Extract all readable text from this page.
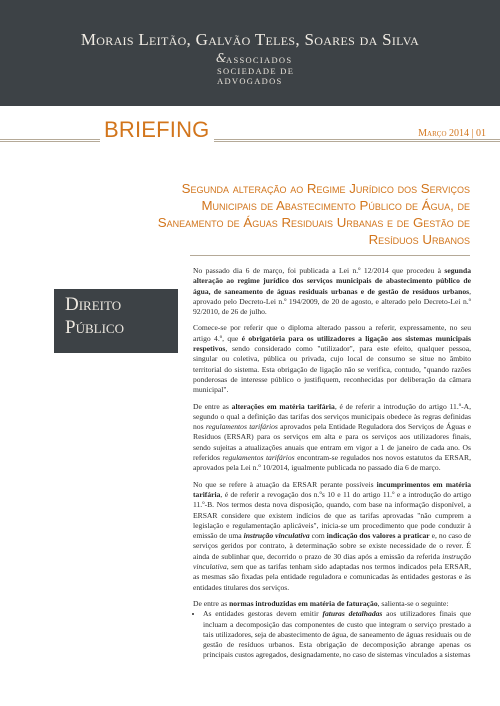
Morais Leitão, Galvão Teles, Soares da Silva
&
ASSOCIADOS
SOCIEDADE DE
ADVOGADOS
BRIEFING	Março 2014 | 01
Segunda alteração ao Regime Jurídico dos Serviços Municipais de Abastecimento Público de Água, de Saneamento de Águas Residuais Urbanas e de Gestão de Resíduos Urbanos
Direito
Público

No passado dia 6 de março, foi publicada a Lei n.º 12/2014 que procedeu à segunda alteração ao regime jurídico dos serviços municipais de abastecimento público de água, de saneamento de águas residuais urbanas e de gestão de resíduos urbanos, aprovado pelo Decreto-Lei n.º 194/2009, de 20 de agosto, e alterado pelo Decreto-Lei n.º 92/2010, de 26 de julho.

Comece-se por referir que o diploma alterado passou a referir, expressamente, no seu artigo 4.º, que é obrigatória para os utilizadores a ligação aos sistemas municipais respetivos, sendo considerado como "utilizador", para este efeito, qualquer pessoa, singular ou coletiva, pública ou privada, cujo local de consumo se situe no âmbito territorial do sistema. Esta obrigação de ligação não se verifica, contudo, "quando razões ponderosas de interesse público o justifiquem, reconhecidas por deliberação da câmara municipal".

De entre as alterações em matéria tarifária, é de referir a introdução do artigo 11.º-A, segundo o qual a definição das tarifas dos serviços municipais obedece às regras definidas nos regulamentos tarifários aprovados pela Entidade Reguladora dos Serviços de Águas e Resíduos (ERSAR) para os serviços em alta e para os serviços aos utilizadores finais, sendo sujeitas a atualizações anuais que entram em vigor a 1 de janeiro de cada ano. Os referidos regulamentos tarifários encontram-se regulados nos novos estatutos da ERSAR, aprovados pela Lei n.º 10/2014, igualmente publicada no passado dia 6 de março.

No que se refere à atuação da ERSAR perante possíveis incumprimentos em matéria tarifária, é de referir a revogação dos n.ºs 10 e 11 do artigo 11.º e a introdução do artigo 11.º-B. Nos termos desta nova disposição, quando, com base na informação disponível, a ERSAR considere que existem indícios de que as tarifas aprovadas "não cumprem a legislação e regulamentação aplicáveis", inicia-se um procedimento que pode conduzir à emissão de uma instrução vinculativa com indicação dos valores a praticar e, no caso de serviços geridos por contrato, à determinação sobre se existe necessidade de o rever. É ainda de sublinhar que, decorrido o prazo de 30 dias após a emissão da referida instrução vinculativa, sem que as tarifas tenham sido adaptadas nos termos indicados pela ERSAR, as mesmas são fixadas pela entidade reguladora e comunicadas às entidades gestoras e às entidades titulares dos serviços.

De entre as normas introduzidas em matéria de faturação, salienta-se o seguinte:

• As entidades gestoras devem emitir faturas detalhadas aos utilizadores finais que incluam a decomposição das componentes de custo que integram o serviço prestado a tais utilizadores, seja de abastecimento de água, de saneamento de águas residuais ou de gestão de resíduos urbanos. Esta obrigação de decomposição abrange apenas os principais custos agregados, designadamente, no caso de sistemas vinculados a sistemas
